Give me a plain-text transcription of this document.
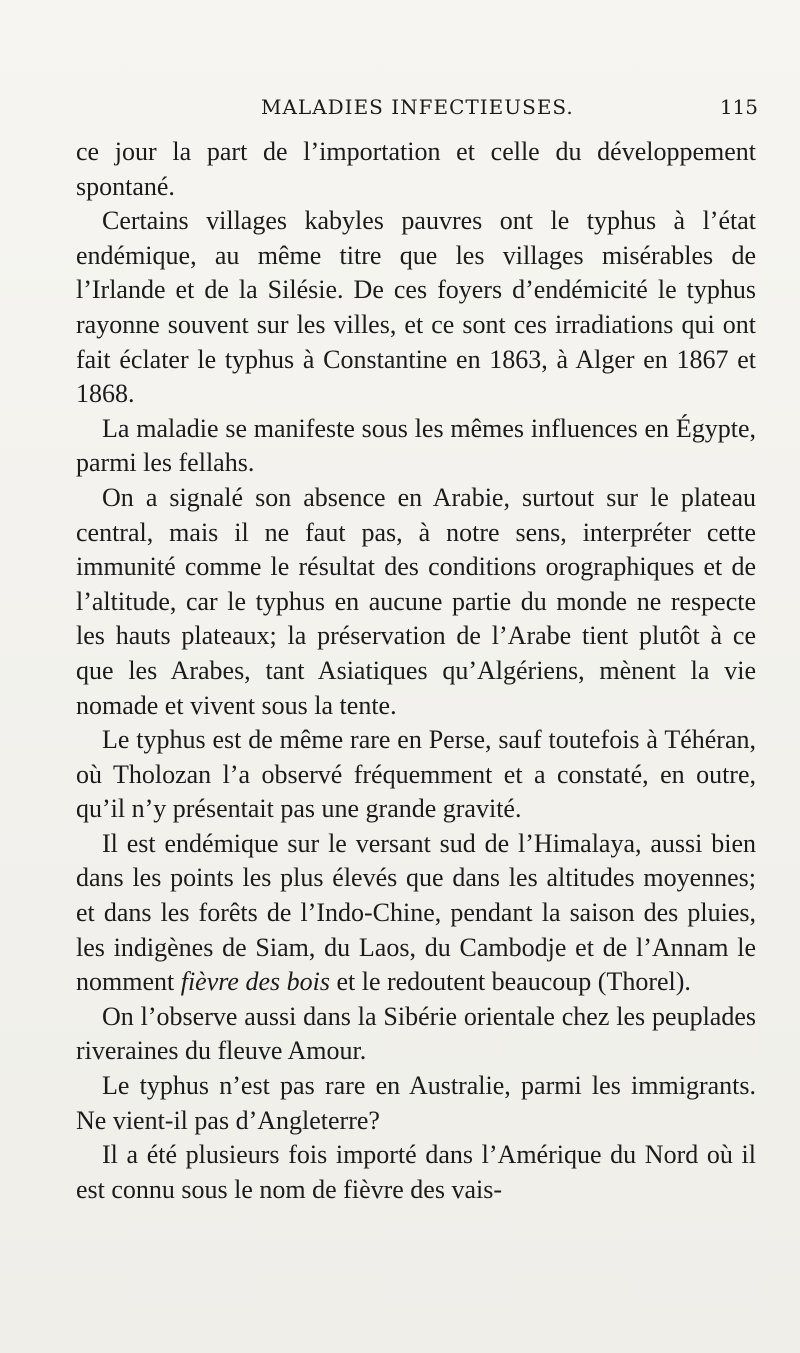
MALADIES INFECTIEUSES.	115

ce jour la part de l’importation et celle du développement spontané.

Certains villages kabyles pauvres ont le typhus à l’état endémique, au même titre que les villages misérables de l’Irlande et de la Silésie. De ces foyers d’endémicité le typhus rayonne souvent sur les villes, et ce sont ces irradiations qui ont fait éclater le typhus à Constantine en 1863, à Alger en 1867 et 1868.

La maladie se manifeste sous les mêmes influences en Égypte, parmi les fellahs.

On a signalé son absence en Arabie, surtout sur le plateau central, mais il ne faut pas, à notre sens, interpréter cette immunité comme le résultat des conditions orographiques et de l’altitude, car le typhus en aucune partie du monde ne respecte les hauts plateaux; la préservation de l’Arabe tient plutôt à ce que les Arabes, tant Asiatiques qu’Algériens, mènent la vie nomade et vivent sous la tente.

Le typhus est de même rare en Perse, sauf toutefois à Téhéran, où Tholozan l’a observé fréquemment et a constaté, en outre, qu’il n’y présentait pas une grande gravité.

Il est endémique sur le versant sud de l’Himalaya, aussi bien dans les points les plus élevés que dans les altitudes moyennes; et dans les forêts de l’Indo-Chine, pendant la saison des pluies, les indigènes de Siam, du Laos, du Cambodje et de l’Annam le nomment fièvre des bois et le redoutent beaucoup (Thorel).

On l’observe aussi dans la Sibérie orientale chez les peuplades riveraines du fleuve Amour.

Le typhus n’est pas rare en Australie, parmi les immigrants. Ne vient-il pas d’Angleterre?

Il a été plusieurs fois importé dans l’Amérique du Nord où il est connu sous le nom de fièvre des vais-
